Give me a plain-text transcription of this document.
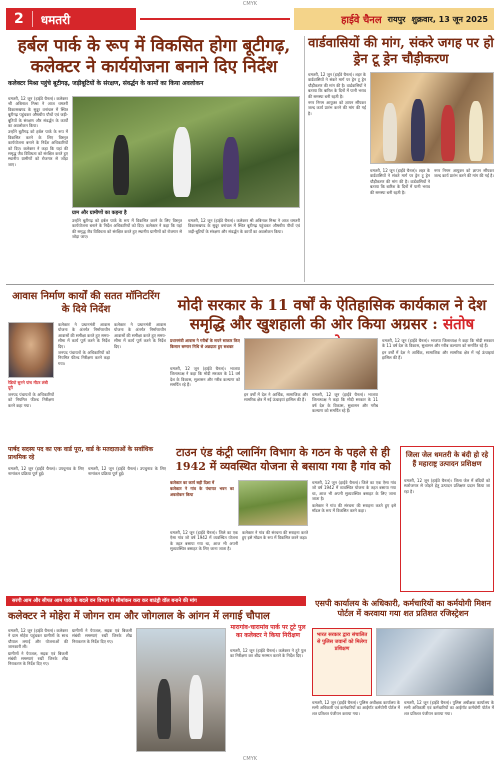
CMYK
2	धमतरी	हाईवे चैनल रायपुर शुक्रवार, 13 जून 2025
हर्बल पार्क के रूप में विकसित होगा बूटीगढ़, कलेक्टर ने कार्ययोजना बनाने दिए निर्देश
कलेक्टर मिश्रा पहुंचे बूटीगढ़, जड़ीबूटियों के संरक्षण, संवर्द्धन के कामों का किया अवलोकन

धमतरी, 12 जून (हाईवे चैनल)। कलेक्टर श्री अबिनाश मिश्रा ने आज धमतरी विकासखण्ड के सुदूर वनांचल में स्थित बूटीगढ़ पहुंचकर औषधीय पौधों एवं जड़ी-बूटियों के संरक्षण और संवर्द्धन के कार्यों का अवलोकन किया।

उन्होंने बूटीगढ़ को हर्बल पार्क के रूप में विकसित करने के लिए विस्तृत कार्ययोजना बनाने के निर्देश अधिकारियों को दिए। कलेक्टर ने कहा कि यहां की समृद्ध जैव विविधता को संरक्षित करते हुए स्थानीय ग्रामीणों को रोजगार से जोड़ा जाए।

ग्राम और ग्रामीणों का कहना है

उन्होंने बूटीगढ़ को हर्बल पार्क के रूप में विकसित करने के लिए विस्तृत कार्ययोजना बनाने के निर्देश अधिकारियों को दिए। कलेक्टर ने कहा कि यहां की समृद्ध जैव विविधता को संरक्षित करते हुए स्थानीय ग्रामीणों को रोजगार से जोड़ा जाए।

धमतरी, 12 जून (हाईवे चैनल)। कलेक्टर श्री अबिनाश मिश्रा ने आज धमतरी विकासखण्ड के सुदूर वनांचल में स्थित बूटीगढ़ पहुंचकर औषधीय पौधों एवं जड़ी-बूटियों के संरक्षण और संवर्द्धन के कार्यों का अवलोकन किया।

वार्डवासियों की मांग, संकरे जगह पर हो ड्रेन टू ड्रेन चौड़ीकरण

धमतरी, 12 जून (हाईवे चैनल)। शहर के वार्डवासियों ने संकरे मार्ग पर ड्रेन टू ड्रेन चौड़ीकरण की मांग की है। वार्डवासियों ने बताया कि बारिश के दिनों में पानी भराव की समस्या बनी रहती है।

नगर निगम आयुक्त को ज्ञापन सौंपकर जल्द कार्य प्रारंभ करने की मांग की गई है।

धमतरी, 12 जून (हाईवे चैनल)। शहर के वार्डवासियों ने संकरे मार्ग पर ड्रेन टू ड्रेन चौड़ीकरण की मांग की है। वार्डवासियों ने बताया कि बारिश के दिनों में पानी भराव की समस्या बनी रहती है।

नगर निगम आयुक्त को ज्ञापन सौंपकर जल्द कार्य प्रारंभ करने की मांग की गई है।

आवास निर्माण कार्यों की सतत मॉनिटरिंग के दिये निर्देश
रेडियो सुनने पांच मीटर लंबी दूरी

कलेक्टर ने प्रधानमंत्री आवास योजना के अंतर्गत निर्माणाधीन आवासों की समीक्षा करते हुए समय-सीमा में कार्य पूर्ण करने के निर्देश दिए।

जनपद पंचायतों के अधिकारियों को नियमित फील्ड निरीक्षण करने कहा गया।

कलेक्टर ने प्रधानमंत्री आवास योजना के अंतर्गत निर्माणाधीन आवासों की समीक्षा करते हुए समय-सीमा में कार्य पूर्ण करने के निर्देश दिए।

जनपद पंचायतों के अधिकारियों को नियमित फील्ड निरीक्षण करने कहा गया।

मोदी सरकार के 11 वर्षों के ऐतिहासिक कार्यकाल ने देश समृद्धि और खुशहाली की ओर किया अग्रसर : संतोष

प्रधानमंत्री आवास ने गरीबों के सपने साकार किए

किसान सम्मान निधि से अन्नदाता हुए सशक्त

धमतरी, 12 जून (हाईवे चैनल)। भाजपा जिलाध्यक्ष ने कहा कि मोदी सरकार के 11 वर्ष देश के विकास, सुशासन और गरीब कल्याण को समर्पित रहे हैं।

इन वर्षों में देश ने आर्थिक, सामाजिक और सामरिक क्षेत्र में नई ऊंचाइयां हासिल की हैं।

धमतरी, 12 जून (हाईवे चैनल)। भाजपा जिलाध्यक्ष ने कहा कि मोदी सरकार के 11 वर्ष देश के विकास, सुशासन और गरीब कल्याण को समर्पित रहे हैं।

धमतरी, 12 जून (हाईवे चैनल)। भाजपा जिलाध्यक्ष ने कहा कि मोदी सरकार के 11 वर्ष देश के विकास, सुशासन और गरीब कल्याण को समर्पित रहे हैं।

इन वर्षों में देश ने आर्थिक, सामाजिक और सामरिक क्षेत्र में नई ऊंचाइयां हासिल की हैं।

टाउन एंड कंट्री प्लानिंग विभाग के गठन के पहले से ही 1942 में व्यवस्थित योजना से बसाया गया है गांव को

कलेक्टर का कार्य सही दिशा में

कलेक्टर ने गांव के पंचायत भवन का अवलोकन किया

धमतरी, 12 जून (हाईवे चैनल)। जिले का एक ऐसा गांव जो वर्ष 1942 में व्यवस्थित योजना के तहत बसाया गया था, आज भी अपनी सुव्यवस्थित बसाहट के लिए जाना जाता है।

कलेक्टर ने गांव की संरचना की सराहना करते हुए इसे मॉडल के रूप में विकसित करने कहा।

धमतरी, 12 जून (हाईवे चैनल)। जिले का एक ऐसा गांव जो वर्ष 1942 में व्यवस्थित योजना के तहत बसाया गया था, आज भी अपनी सुव्यवस्थित बसाहट के लिए जाना जाता है।

कलेक्टर ने गांव की संरचना की सराहना करते हुए इसे मॉडल के रूप में विकसित करने कहा।

जिला जेल धमतरी के बंदी हो रहे हैं महाराष्ट्र उत्पादन प्रशिक्षण

धमतरी, 12 जून (हाईवे चैनल)। जिला जेल में बंदियों को स्वरोजगार से जोड़ने हेतु उत्पादन प्रशिक्षण प्रदान किया जा रहा है।

पार्षद सदस्य पद का एक वार्ड पूरा, वार्ड के मतदाताओं के सर्वाधिक प्राथमिक रहे

धमतरी, 12 जून (हाईवे चैनल)। उपचुनाव के लिए नामांकन प्रक्रिया पूर्ण हुई।

धमतरी, 12 जून (हाईवे चैनल)। उपचुनाव के लिए नामांकन प्रक्रिया पूर्ण हुई।

सरगी आम और सीपत आम पार्क के बदले वन विभाग से सीमांकन करा कर बाउंड्री वॉल बनाने की मांग
कलेक्टर ने मोहेरा में जोगन राम और जोगलाल के आंगन में लगाई चौपाल

धमतरी, 12 जून (हाईवे चैनल)। कलेक्टर ने ग्राम मोहेरा पहुंचकर ग्रामीणों के साथ चौपाल लगाई और योजनाओं की जानकारी ली।

ग्रामीणों ने पेयजल, सड़क एवं बिजली संबंधी समस्याएं रखीं जिनके शीघ्र निराकरण के निर्देश दिए गए।

ग्रामीणों ने पेयजल, सड़क एवं बिजली संबंधी समस्याएं रखीं जिनके शीघ्र निराकरण के निर्देश दिए गए।

मारागांव-चारामांव पार्क पर टूटे पुल का कलेक्टर ने किया निरीक्षण

धमतरी, 12 जून (हाईवे चैनल)। कलेक्टर ने टूटे पुल का निरीक्षण कर शीघ्र मरम्मत कराने के निर्देश दिए।

एसपी कार्यालय के अधिकारी, कर्मचारियों का कर्मयोगी मिशन पोर्टल में करवाया गया शत प्रतिशत रजिस्ट्रेशन
भारत सरकार द्वारा संचालित से पुलिस जवानों को मिलेगा प्रशिक्षण

धमतरी, 12 जून (हाईवे चैनल)। पुलिस अधीक्षक कार्यालय के सभी अधिकारी एवं कर्मचारियों का आईगॉट कर्मयोगी पोर्टल में शत प्रतिशत पंजीयन कराया गया।

धमतरी, 12 जून (हाईवे चैनल)। पुलिस अधीक्षक कार्यालय के सभी अधिकारी एवं कर्मचारियों का आईगॉट कर्मयोगी पोर्टल में शत प्रतिशत पंजीयन कराया गया।

CMYK
